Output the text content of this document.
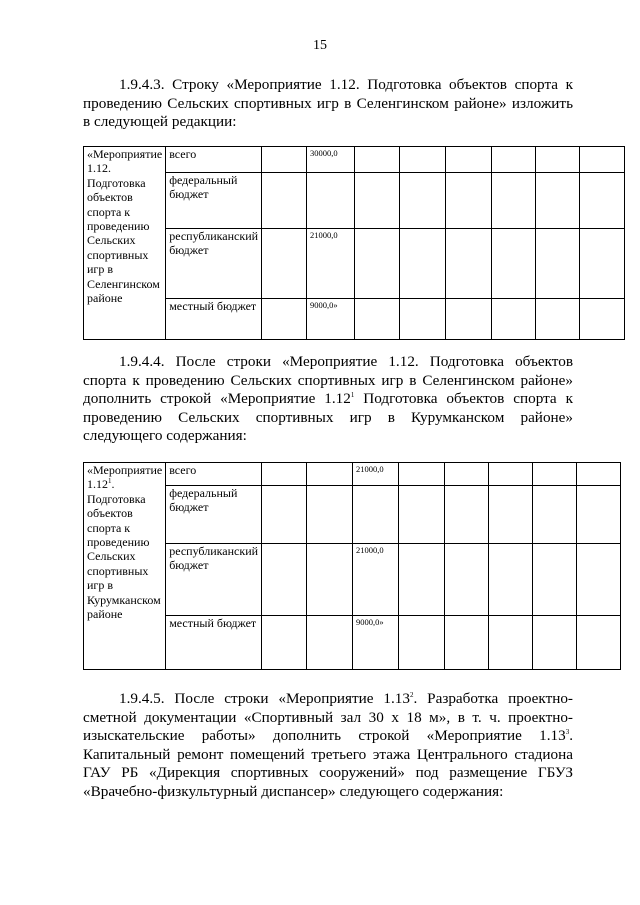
15

1.9.4.3. Строку «Мероприятие 1.12. Подготовка объектов спорта к проведению Сельских спортивных игр в Селенгинском районе» изложить в следующей редакции:

«Мероприятие 1.12. Подготовка объектов спорта к проведению Сельских спортивных игр в Селенгинском районе	всего		30000,0						
	федеральный бюджет								
	республиканский бюджет		21000,0						
	местный бюджет		9000,0»						

1.9.4.4. После строки «Мероприятие 1.12. Подготовка объектов спорта к проведению Сельских спортивных игр в Селенгинском районе» дополнить строкой «Мероприятие 1.12$^1$ Подготовка объектов спорта к проведению Сельских спортивных игр в Курумканском районе» следующего содержания:

«Мероприятие 1.12$^1$. Подготовка объектов спорта к проведению Сельских спортивных игр в Курумканском районе	всего			21000,0					
	федеральный бюджет								
	республиканский бюджет			21000,0					
	местный бюджет			9000,0»					

1.9.4.5. После строки «Мероприятие 1.13$^2$. Разработка проектно-сметной документации «Спортивный зал 30 х 18 м», в т. ч. проектно-изыскательские работы» дополнить строкой «Мероприятие 1.13$^3$. Капитальный ремонт помещений третьего этажа Центрального стадиона ГАУ РБ «Дирекция спортивных сооружений» под размещение ГБУЗ «Врачебно-физкультурный диспансер» следующего содержания:
